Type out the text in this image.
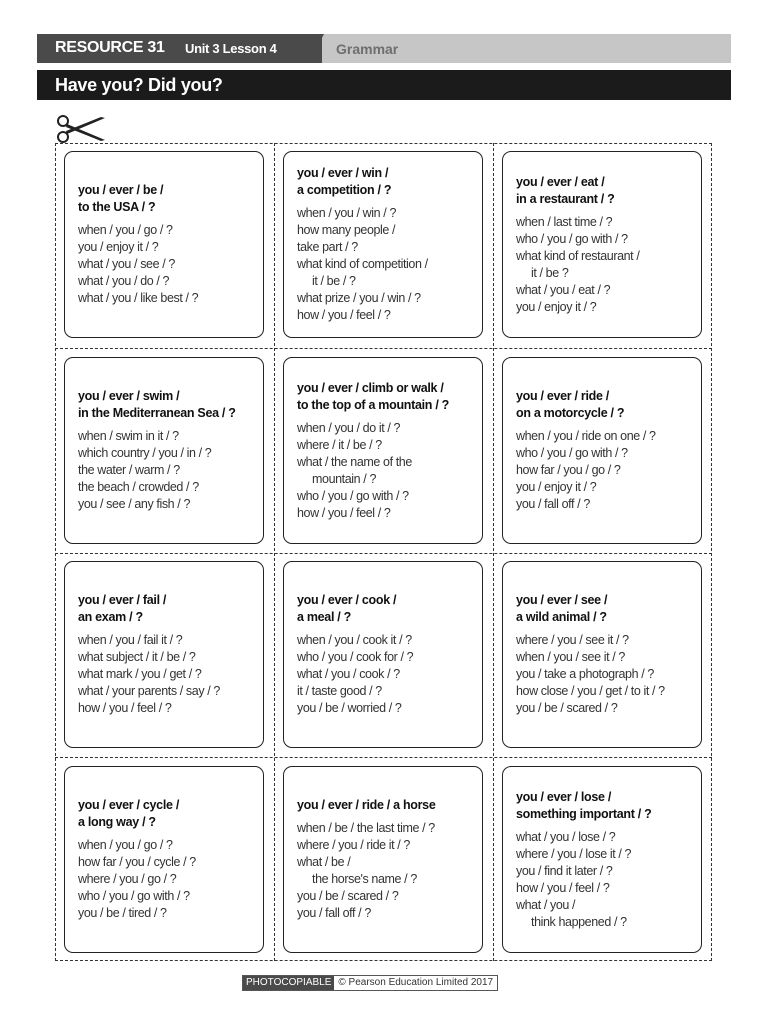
RESOURCE 31 Unit 3 Lesson 4	Grammar
Have you? Did you?
you / ever / be /
to the USA / ?
when / you / go / ?
you / enjoy it / ?
what / you / see / ?
what / you / do / ?
what / you / like best / ?
you / ever / win /
a competition / ?
when / you / win / ?
how many people /
take part / ?
what kind of competition /
it / be / ?
what prize / you / win / ?
how / you / feel / ?
you / ever / eat /
in a restaurant / ?
when / last time / ?
who / you / go with / ?
what kind of restaurant /
it / be ?
what / you / eat / ?
you / enjoy it / ?
you / ever / swim /
in the Mediterranean Sea / ?
when / swim in it / ?
which country / you / in / ?
the water / warm / ?
the beach / crowded / ?
you / see / any fish / ?
you / ever / climb or walk /
to the top of a mountain / ?
when / you / do it / ?
where / it / be / ?
what / the name of the
mountain / ?
who / you / go with / ?
how / you / feel / ?
you / ever / ride /
on a motorcycle / ?
when / you / ride on one / ?
who / you / go with / ?
how far / you / go / ?
you / enjoy it / ?
you / fall off / ?
you / ever / fail /
an exam / ?
when / you / fail it / ?
what subject / it / be / ?
what mark / you / get / ?
what / your parents / say / ?
how / you / feel / ?
you / ever / cook /
a meal / ?
when / you / cook it / ?
who / you / cook for / ?
what / you / cook / ?
it / taste good / ?
you / be / worried / ?
you / ever / see /
a wild animal / ?
where / you / see it / ?
when / you / see it / ?
you / take a photograph / ?
how close / you / get / to it / ?
you / be / scared / ?
you / ever / cycle /
a long way / ?
when / you / go / ?
how far / you / cycle / ?
where / you / go / ?
who / you / go with / ?
you / be / tired / ?
you / ever / ride / a horse
when / be / the last time / ?
where / you / ride it / ?
what / be /
the horse's name / ?
you / be / scared / ?
you / fall off / ?
you / ever / lose /
something important / ?
what / you / lose / ?
where / you / lose it / ?
you / find it later / ?
how / you / feel / ?
what / you /
think happened / ?
PHOTOCOPIABLE © Pearson Education Limited 2017
